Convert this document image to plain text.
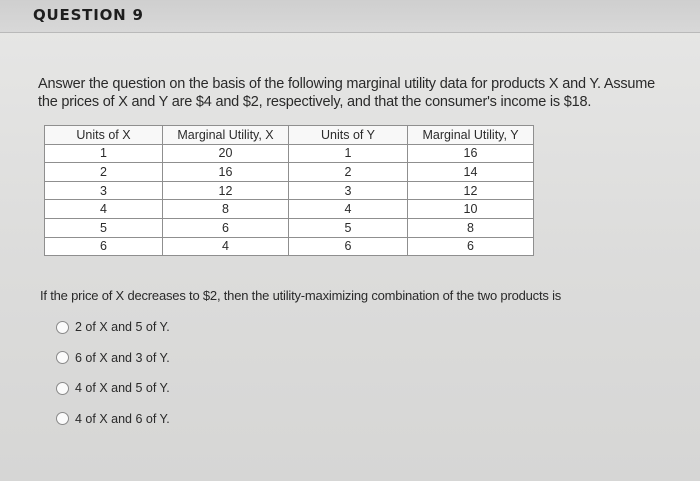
QUESTION 9
Answer the question on the basis of the following marginal utility data for products X and Y. Assume
the prices of X and Y are $4 and $2, respectively, and that the consumer's income is $18.
Units of X	Marginal Utility, X	Units of Y	Marginal Utility, Y
1	20	1	16
2	16	2	14
3	12	3	12
4	8	4	10
5	6	5	8
6	4	6	6
If the price of X decreases to $2, then the utility-maximizing combination of the two products is
2 of X and 5 of Y.
6 of X and 3 of Y.
4 of X and 5 of Y.
4 of X and 6 of Y.
